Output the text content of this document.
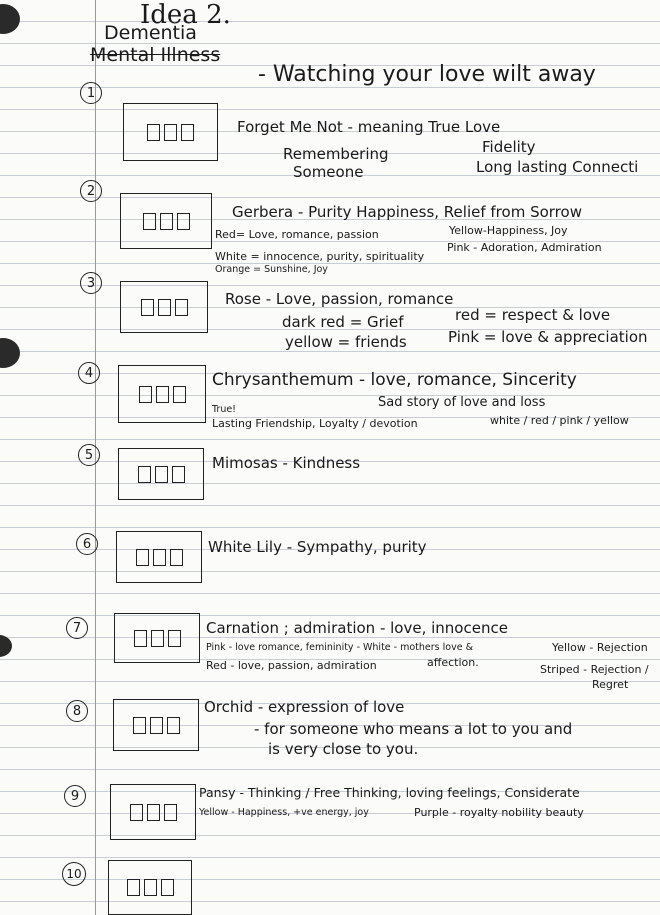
Idea 2.
Dementia
Mental Illness
- Watching your love wilt away
1
Forget Me Not - meaning True Love
Remembering
Someone
Fidelity
Long lasting Connecti
2
Gerbera - Purity Happiness, Relief from Sorrow
Red= Love, romance, passion	Yellow-Happiness, Joy
White = innocence, purity, spirituality
Pink - Adoration, Admiration
Orange = Sunshine, Joy
3
Rose - Love, passion, romance
dark red = Grief	red = respect & love
yellow = friends	Pink = love & appreciation
4	Chrysanthemum - love, romance, Sincerity
Sad story of love and loss
True!
Lasting Friendship, Loyalty / devotion	white / red / pink / yellow
5	Mimosas - Kindness
6	White Lily - Sympathy, purity
7	Carnation ; admiration - love, innocence
Pink - love romance, femininity - White - mothers love &
affection.
Yellow - Rejection
Red - love, passion, admiration	Striped - Rejection /
Regret
8	Orchid - expression of love
- for someone who means a lot to you and
is very close to you.
9	Pansy - Thinking / Free Thinking, loving feelings, Considerate
Yellow - Happiness, +ve energy, joy	Purple - royalty nobility beauty
10
